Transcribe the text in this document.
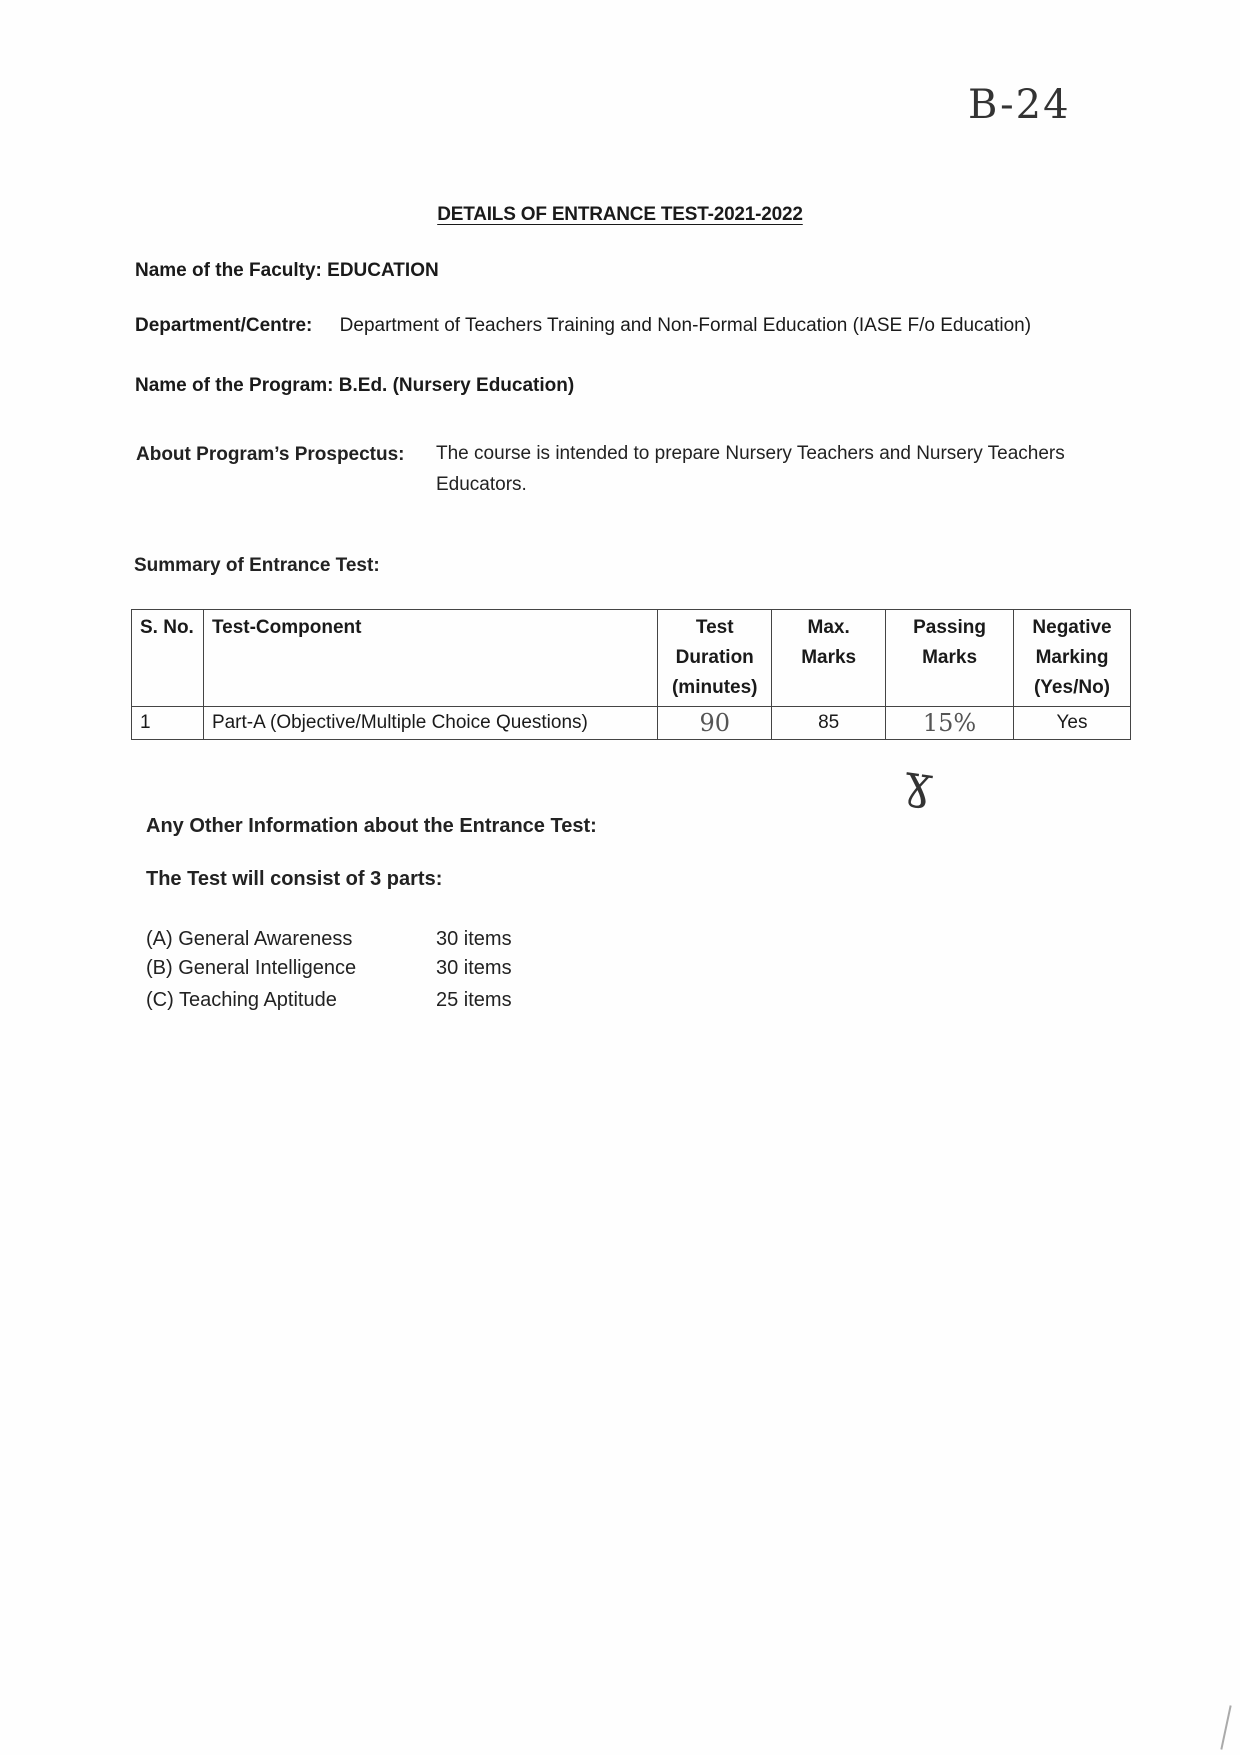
B-24
DETAILS OF ENTRANCE TEST-2021-2022
Name of the Faculty: EDUCATION
Department/Centre: Department of Teachers Training and Non-Formal Education (IASE F/o Education)
Name of the Program: B.Ed. (Nursery Education)
About Program’s Prospectus:	The course is intended to prepare Nursery Teachers and Nursery Teachers Educators.
Summary of Entrance Test:
S. No.	Test-Component	Test Duration (minutes)	Max. Marks	Passing Marks	Negative Marking (Yes/No)
1	Part-A (Objective/Multiple Choice Questions)	90	85	15%	Yes
ɣ
Any Other Information about the Entrance Test:
The Test will consist of 3 parts:
(A) General Awareness	30 items
(B) General Intelligence	30 items
(C) Teaching Aptitude	25 items
